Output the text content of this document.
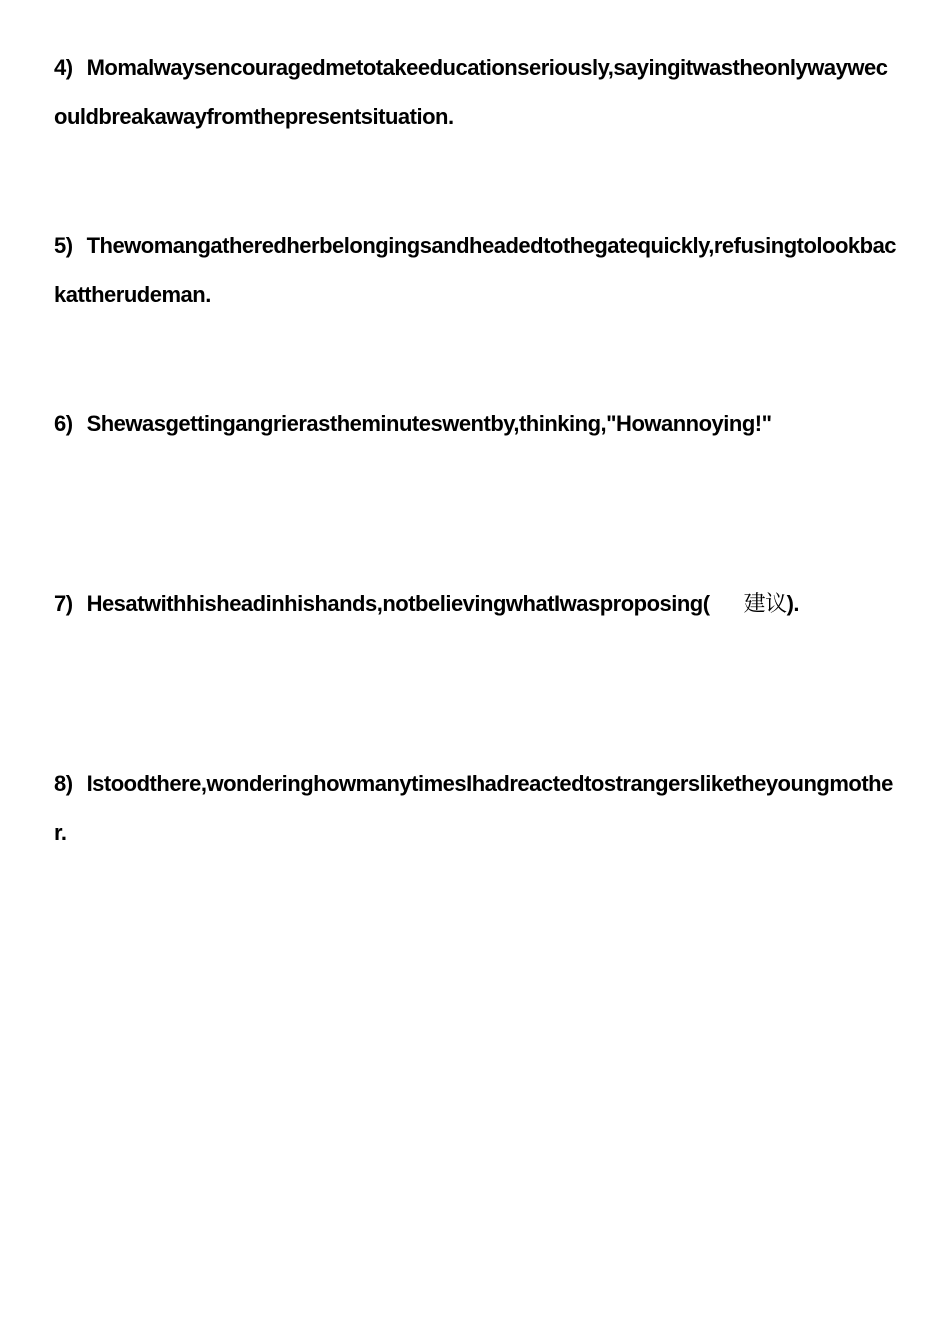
4) Momalwaysencouragedmetotakeeducationseriously,sayingitwastheonlywaywecouldbreakawayfromthepresentsituation.

5) Thewomangatheredherbelongingsandheadedtothegatequickly,refusingtolookbackattherudeman.

6) Shewasgettingangrierastheminuteswentby,thinking,"Howannoying!"

7) Hesatwithhisheadinhishands,notbelievingwhatIwasproposing( 建议).

8) Istoodthere,wonderinghowmanytimesIhadreactedtostrangersliketheyoungmother.
